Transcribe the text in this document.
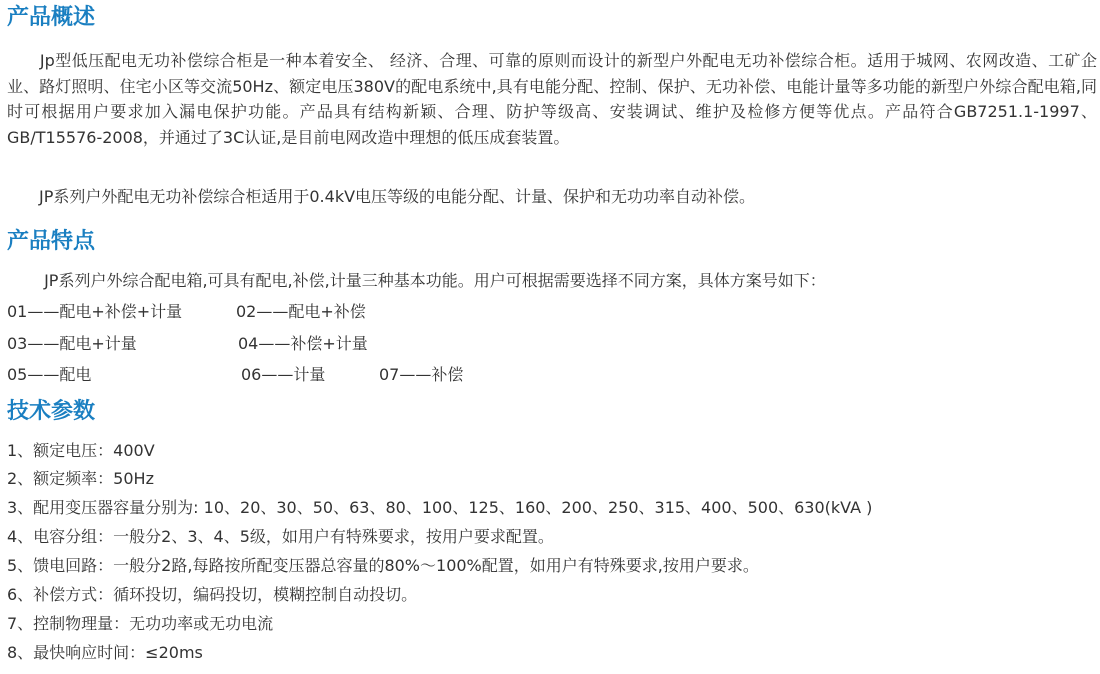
产品概述

　　Jp型低压配电无功补偿综合柜是一种本着安全、 经济、合理、可靠的原则而设计的新型户外配电无功补偿综合柜。适用于城网、农网改造、工矿企业、路灯照明、住宅小区等交流50Hz、额定电压380V的配电系统中,具有电能分配、控制、保护、无功补偿、电能计量等多功能的新型户外综合配电箱,同时可根据用户要求加入漏电保护功能。产品具有结构新颖、合理、防护等级高、安装调试、维护及检修方便等优点。产品符合GB7251.1-1997、GB/T15576-2008，并通过了3C认证,是目前电网改造中理想的低压成套装置。

　　JP系列户外配电无功补偿综合柜适用于0.4kV电压等级的电能分配、计量、保护和无功功率自动补偿。

产品特点

　　 JP系列户外综合配电箱,可具有配电,补偿,计量三种基本功能。用户可根据需要选择不同方案，具体方案号如下：

01——配电+补偿+计量	02——配电+补偿
03——配电+计量	04——补偿+计量
05——配电	06——计量	07——补偿
技术参数

1、额定电压：400V

2、额定频率：50Hz

3、配用变压器容量分别为: 10、20、30、50、63、80、100、125、160、200、250、315、400、500、630(kVA )

4、电容分组：一般分2、3、4、5级，如用户有特殊要求，按用户要求配置。

5、馈电回路：一般分2路,每路按所配变压器总容量的80%～100%配置，如用户有特殊要求,按用户要求。

6、补偿方式：循环投切，编码投切，模糊控制自动投切。

7、控制物理量：无功功率或无功电流

8、最快响应时间：≤20ms
